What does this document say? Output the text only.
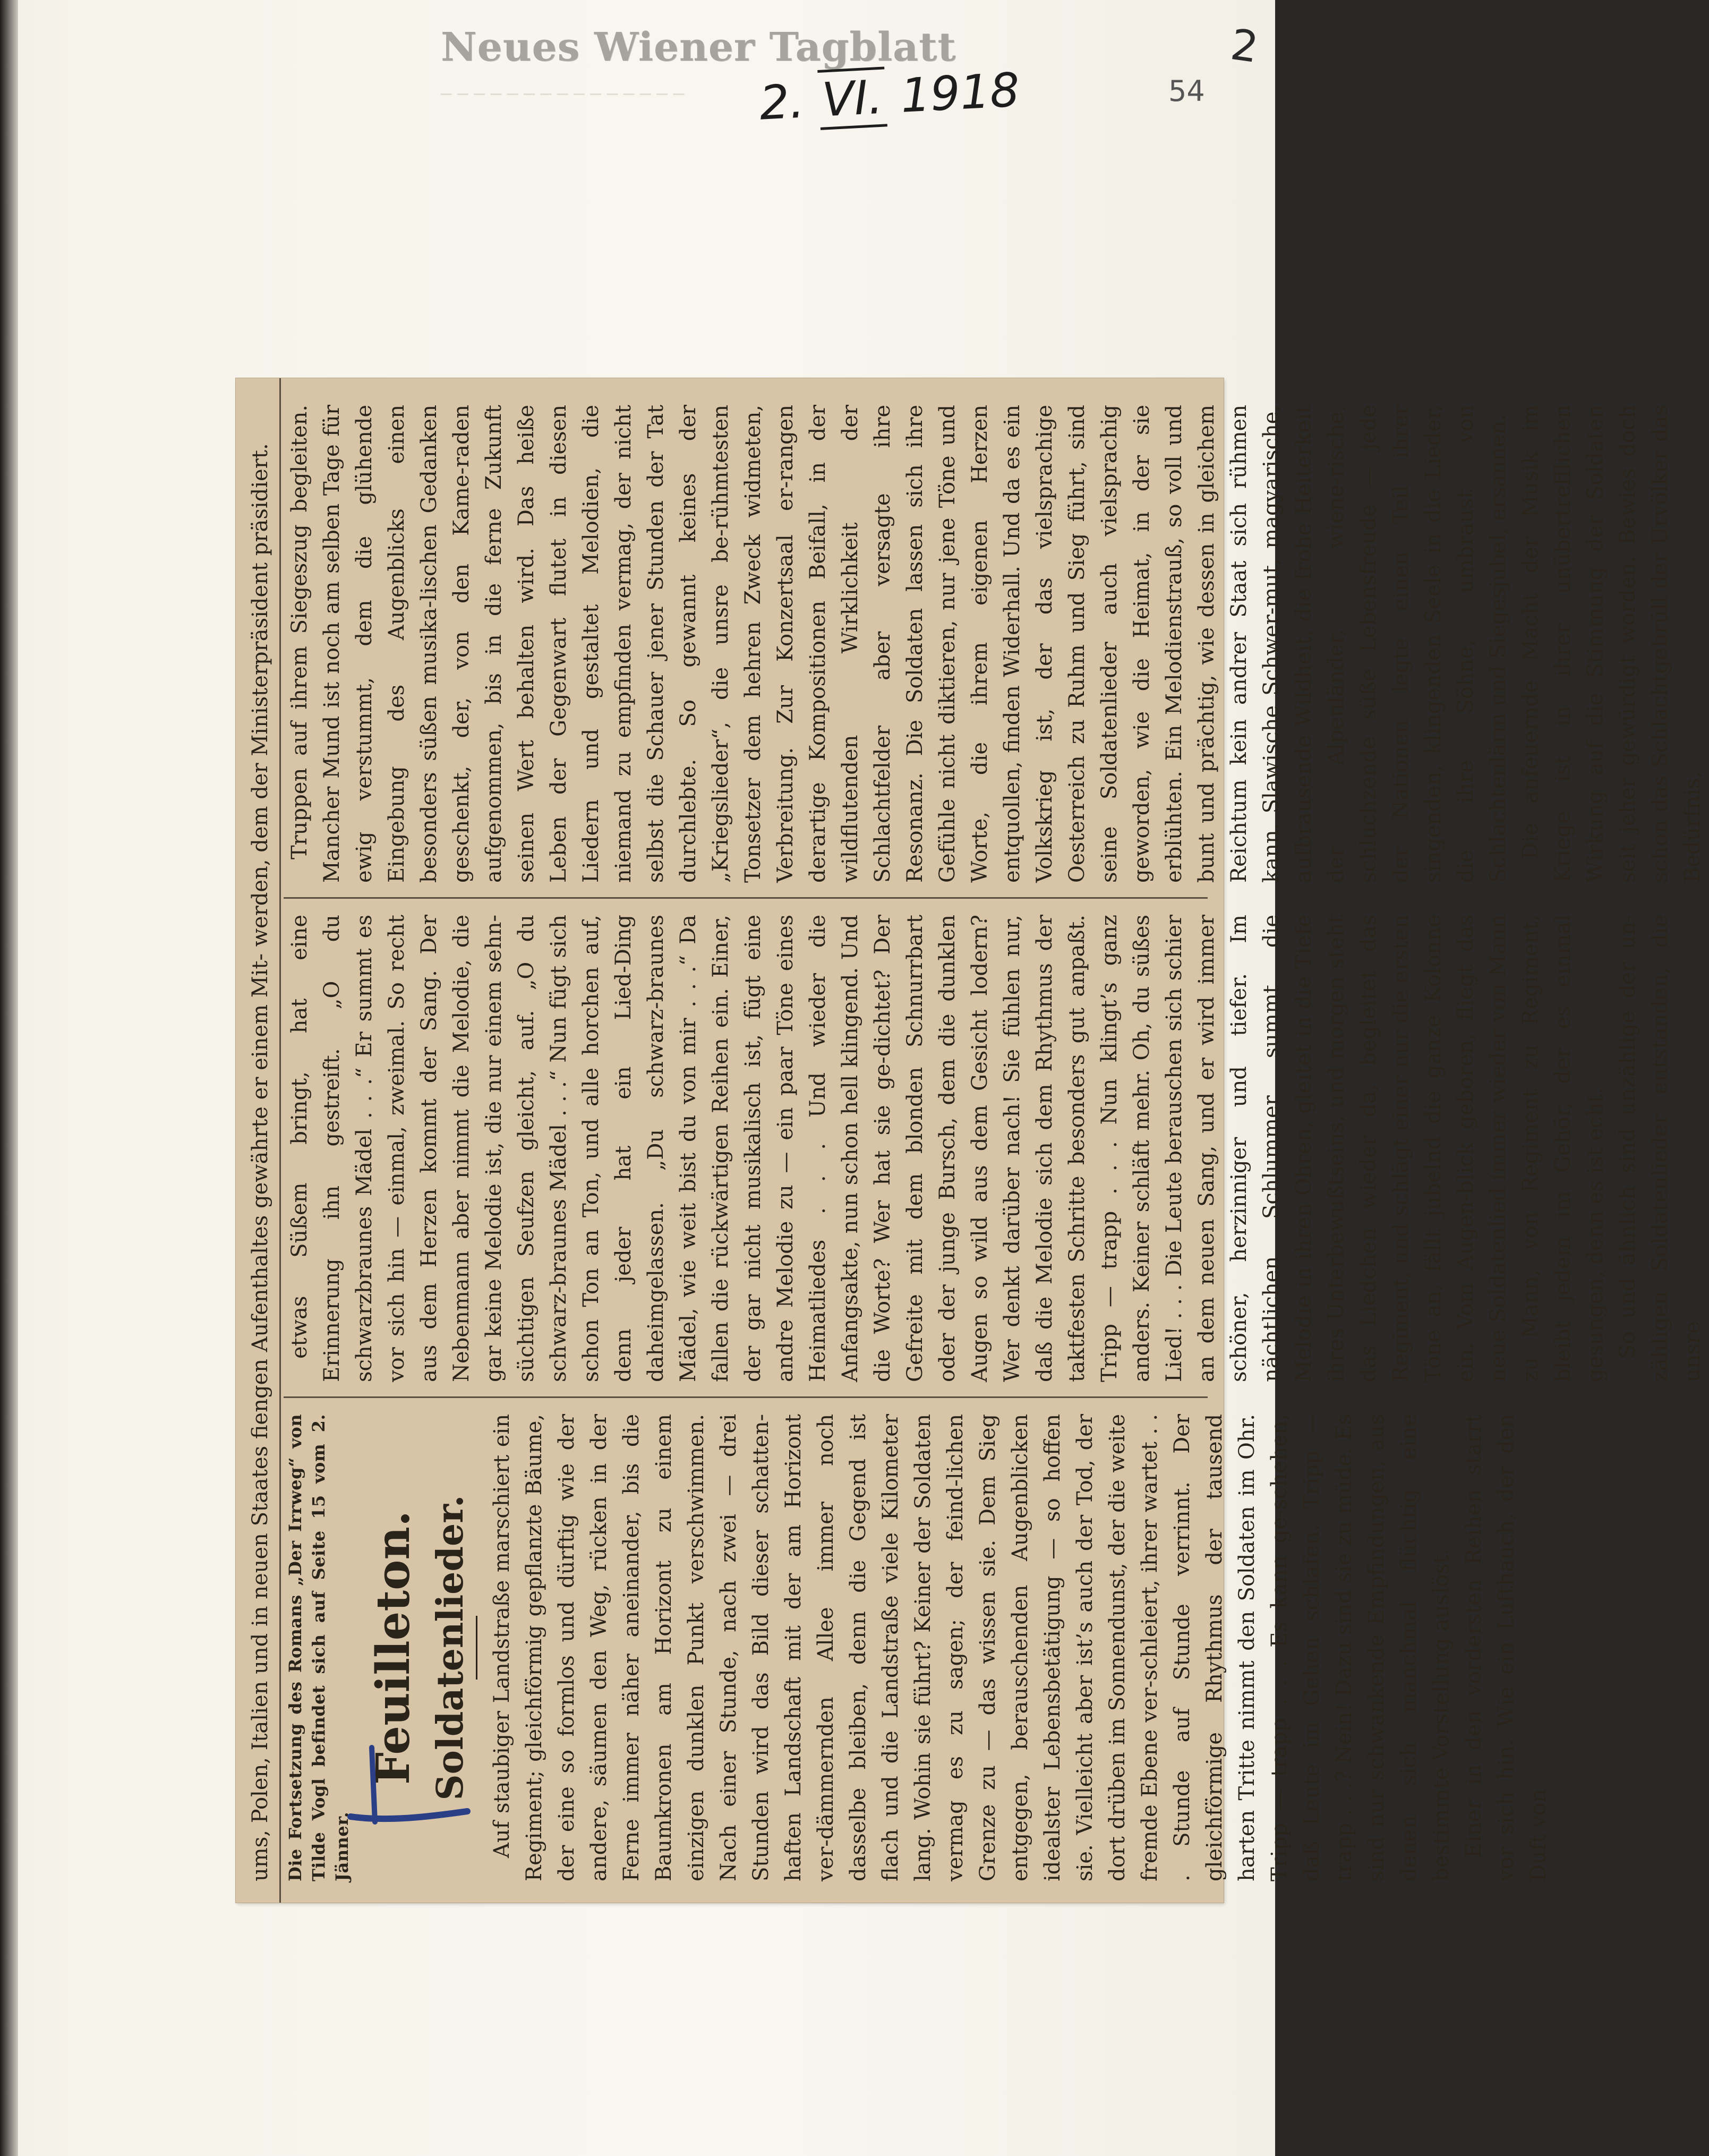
─ ─ ─ ─ ─ ─ ─ ─ ─ ─ ─ ─ ─ ─ ─
Neues Wiener Tagblatt
2. VI. 1918	54
2
ums, Polen, Italien und in neuen Staates fiengen Aufenthaltes gewährte er einem Mit- werden, dem der Ministerpräsident präsidiert. Die Fortsetzung des Romans „Der Irrweg“ von Tilde Vogl befindet sich auf Seite 15 vom 2. Jänner.

Feuilleton. Soldatenlieder. Auf staubiger Landstraße marschiert ein Regiment; gleichförmig gepflanzte Bäume, der eine so formlos und dürftig wie der andere, säumen den Weg, rücken in der Ferne immer näher aneinander, bis die Baumkronen am Horizont zu einem einzigen dunklen Punkt verschwimmen. Nach einer Stunde, nach zwei — drei Stunden wird das Bild dieser schatten-haften Landschaft mit der am Horizont ver-dämmernden Allee immer noch dasselbe bleiben, denn die Gegend ist flach und die Landstraße viele Kilometer lang. Wohin sie führt? Keiner der Soldaten vermag es zu sagen; der feind-lichen Grenze zu — das wissen sie. Dem Sieg entgegen, berauschenden Augenblicken idealster Lebensbetätigung — so hoffen sie. Vielleicht aber ist’s auch der Tod, der dort drüben im Sonnendunst, der die weite fremde Ebene ver-schleiert, ihrer wartet . . . Stunde auf Stunde verrinnt. Der gleichförmige Rhythmus der tausend harten Tritte nimmt den Soldaten im Ohr. Tripp — trapp . . . Es kann ge-schehen, daß Leute im Gehen schlafen. Tripp — trapp . . .? Nein! Dazu sind sie zu müde. Es sind nur schwankende Empfindungen, aus denen sich manchmal flüchtig eine bestimmte Vorstellung auslöst. Einer in den vordersten Reihen starrt vor sich hin. Wie ein Lufthauch, der den Duft von

etwas Süßem bringt, hat eine Erinnerung ihn gestreift. „O du schwarzbraunes Mädel . . .“ Er summt es vor sich hin — einmal, zweimal. So recht aus dem Herzen kommt der Sang. Der Nebenmann aber nimmt die Melodie, die gar keine Melodie ist, die nur einem sehn-süchtigen Seufzen gleicht, auf. „O du schwarz-braunes Mädel . . .“ Nun fügt sich schon Ton an Ton, und alle horchen auf, denn jeder hat ein Lied-Ding daheimgelassen. „Du schwarz-braunes Mädel, wie weit bist du von mir . . .“ Da fallen die rückwärtigen Reihen ein. Einer, der gar nicht musikalisch ist, fügt eine andre Melodie zu — ein paar Töne eines Heimatliedes . . . Und wieder die Anfangsakte, nun schon hell klingend. Und die Worte? Wer hat sie ge-dichtet? Der Gefreite mit dem blonden Schnurrbart oder der junge Bursch, dem die dunklen Augen so wild aus dem Gesicht lodern? Wer denkt darüber nach! Sie fühlen nur, daß die Melodie sich dem Rhythmus der taktfesten Schritte besonders gut anpaßt. Tripp — trapp . . . Nun klingt’s ganz anders. Keiner schläft mehr. Oh, du süßes Lied! . . . Die Leute berauschen sich schier an dem neuen Sang, und er wird immer schöner, herzinniger und tiefer. Im nächtlichen Schlummer summt die Melodie in ihren Ohren, gleitet in die Tiefe ihres Unterbewußtseins, und morgen steht das Liedchen wieder da, begleitet das Regiment, und schlägt einer nur die ersten Töne an, fällt jubelnd die ganze Kolonne ein. Vom Augen-blick geboren, fliegt das neue Soldatenlied immer wieder von Mann zu Mann, von Regiment zu Regiment, bleibt jedem im Gehör, der es einmal gesungen, denn es ist echt. So und ähnlich sind unzählige der un-zähligen Soldatenlieder entstanden, die unsre

Truppen auf ihrem Siegeszug begleiten. Mancher Mund ist noch am selben Tage für ewig verstummt, dem die glühende Eingebung des Augenblicks einen besonders süßen musika-lischen Gedanken geschenkt, der, von den Kame-raden aufgenommen, bis in die ferne Zukunft seinen Wert behalten wird. Das heiße Leben der Gegenwart flutet in diesen Liedern und gestaltet Melodien, die niemand zu empfinden vermag, der nicht selbst die Schauer jener Stunden der Tat durchlebte. So gewannt keines der „Kriegslieder“, die unsre be-rühmtesten Tonsetzer dem hehren Zweck widmeten, Verbreitung. Zur Konzertsaal er-rangen derartige Kompositionen Beifall, in der wildflutenden Wirklichkeit der Schlachtfelder aber versagte ihre Resonanz. Die Soldaten lassen sich ihre Gefühle nicht diktieren, nur jene Töne und Worte, die ihrem eigenen Herzen entquollen, finden Widerhall. Und da es ein Volkskrieg ist, der das vielsprachige Oesterreich zu Ruhm und Sieg führt, sind seine Soldatenlieder auch vielsprachig geworden, wie die Heimat, in der sie erblühten. Ein Melodienstrauß, so voll und bunt und prächtig, wie dessen in gleichem Reichtum kein andrer Staat sich rühmen kann. Slawische Schwer-mut, magyarische, aufbrausende Wildheit, die frohe Heiterkeit der Alpenländer, wiene-rische, schluchzende süße Lebensfreude — jede der Nationen legte einen Teil ihrer singenden, klingenden Seele in die Lieder, die ihre Söhne, umbraust von Schlachtenlärm und Siegesjubel, ersannen. Die anfeuernde Macht der Musik im Kriege ist in ihrer unübertrefflichen Wirkung auf die Stimmung der Soldaten seit jeher gewürdigt worden. Bewies doch schon das Schlachtgebrüll der Urvölker das Bedürfnis,
